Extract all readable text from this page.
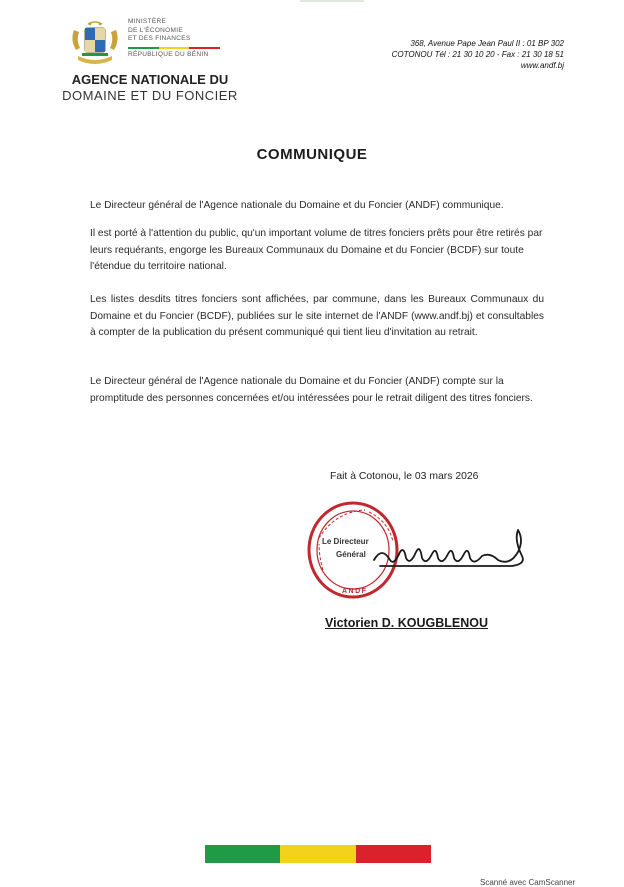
MINISTÈRE
DE L'ÉCONOMIE
ET DES FINANCES
RÉPUBLIQUE DU BÉNIN
AGENCE NATIONALE DU
DOMAINE ET DU FONCIER
368, Avenue Pape Jean Paul II : 01 BP 302
COTONOU Tél : 21 30 10 20 - Fax : 21 30 18 51
www.andf.bj
COMMUNIQUE
Le Directeur général de l'Agence nationale du Domaine et du Foncier (ANDF) communique.
Il est porté à l'attention du public, qu'un important volume de titres fonciers prêts pour être retirés par leurs requérants, engorge les Bureaux Communaux du Domaine et du Foncier (BCDF) sur toute l'étendue du territoire national.
Les listes desdits titres fonciers sont affichées, par commune, dans les Bureaux Communaux du Domaine et du Foncier (BCDF), publiées sur le site internet de l'ANDF (www.andf.bj) et consultables à compter de la publication du présent communiqué qui tient lieu d'invitation au retrait.
Le Directeur général de l'Agence nationale du Domaine et du Foncier (ANDF) compte sur la promptitude des personnes concernées et/ou intéressées pour le retrait diligent des titres fonciers.
Fait à Cotonou, le 03 mars 2026
Le Directeur
Général
ANDF
Victorien D. KOUGBLENOU
Scanné avec CamScanner
